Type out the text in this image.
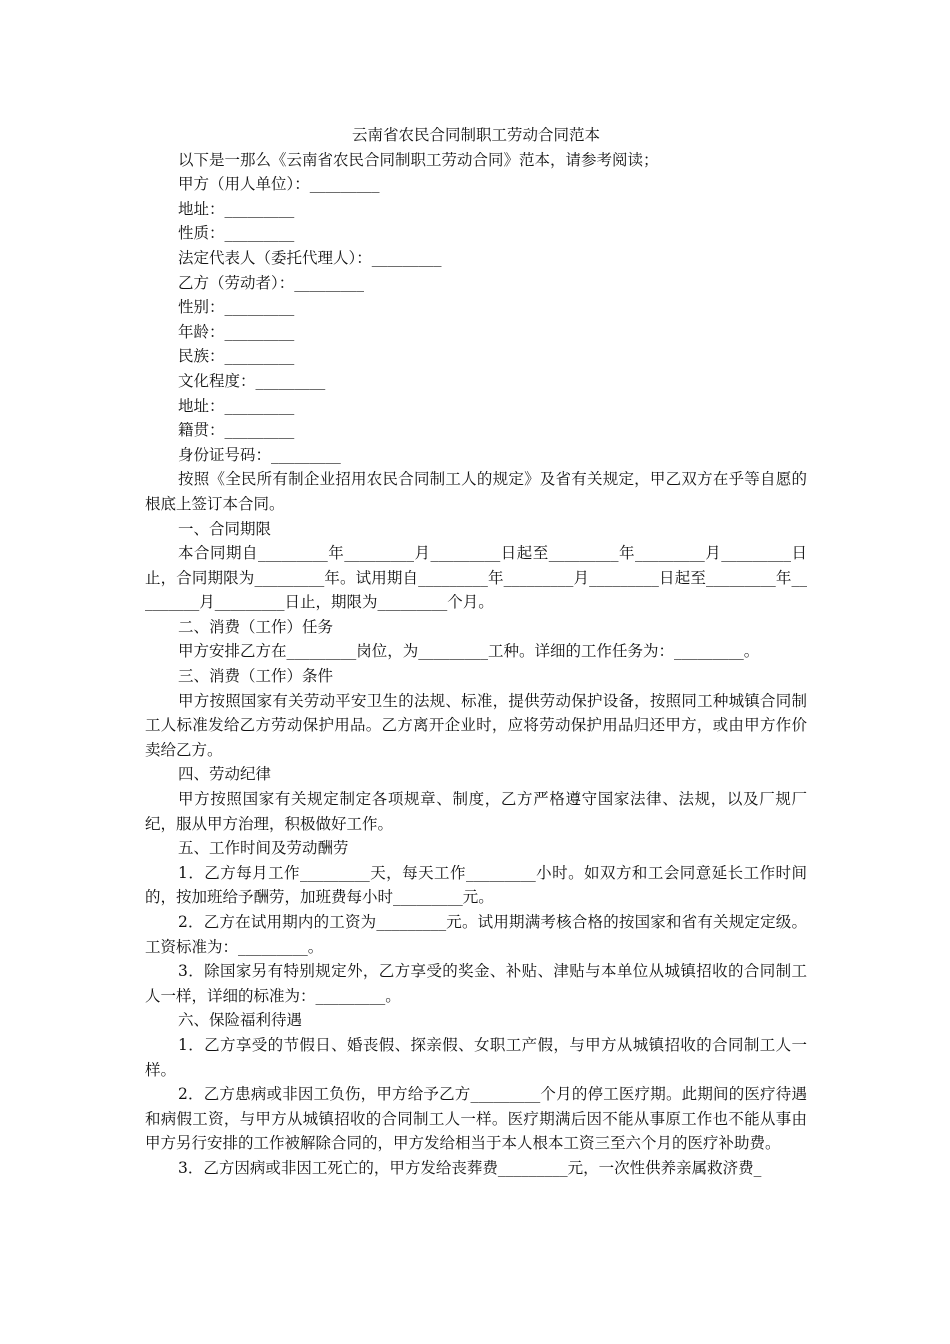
云南省农民合同制职工劳动合同范本

以下是一那么《云南省农民合同制职工劳动合同》范本，请参考阅读；

甲方（用人单位）：_________

地址：_________

性质：_________

法定代表人（委托代理人）：_________

乙方（劳动者）：_________

性别：_________

年龄：_________

民族：_________

文化程度：_________

地址：_________

籍贯：_________

身份证号码：_________

按照《全民所有制企业招用农民合同制工人的规定》及省有关规定，甲乙双方在乎等自愿的根底上签订本合同。

一、合同期限

本合同期自_________年_________月_________日起至_________年_________月_________日止，合同期限为_________年。试用期自_________年_________月_________日起至_________年_________月_________日止，期限为_________个月。

二、消费（工作）任务

甲方安排乙方在_________岗位，为_________工种。详细的工作任务为：_________。

三、消费（工作）条件

甲方按照国家有关劳动平安卫生的法规、标准，提供劳动保护设备，按照同工种城镇合同制工人标准发给乙方劳动保护用品。乙方离开企业时，应将劳动保护用品归还甲方，或由甲方作价卖给乙方。

四、劳动纪律

甲方按照国家有关规定制定各项规章、制度，乙方严格遵守国家法律、法规，以及厂规厂纪，服从甲方治理，积极做好工作。

五、工作时间及劳动酬劳

1．乙方每月工作_________天，每天工作_________小时。如双方和工会同意延长工作时间的，按加班给予酬劳，加班费每小时_________元。

2．乙方在试用期内的工资为_________元。试用期满考核合格的按国家和省有关规定定级。工资标准为：_________。

3．除国家另有特别规定外，乙方享受的奖金、补贴、津贴与本单位从城镇招收的合同制工人一样，详细的标准为：_________。

六、保险福利待遇

1．乙方享受的节假日、婚丧假、探亲假、女职工产假，与甲方从城镇招收的合同制工人一样。

2．乙方患病或非因工负伤，甲方给予乙方_________个月的停工医疗期。此期间的医疗待遇和病假工资，与甲方从城镇招收的合同制工人一样。医疗期满后因不能从事原工作也不能从事由甲方另行安排的工作被解除合同的，甲方发给相当于本人根本工资三至六个月的医疗补助费。

3．乙方因病或非因工死亡的，甲方发给丧葬费_________元，一次性供养亲属救济费_
